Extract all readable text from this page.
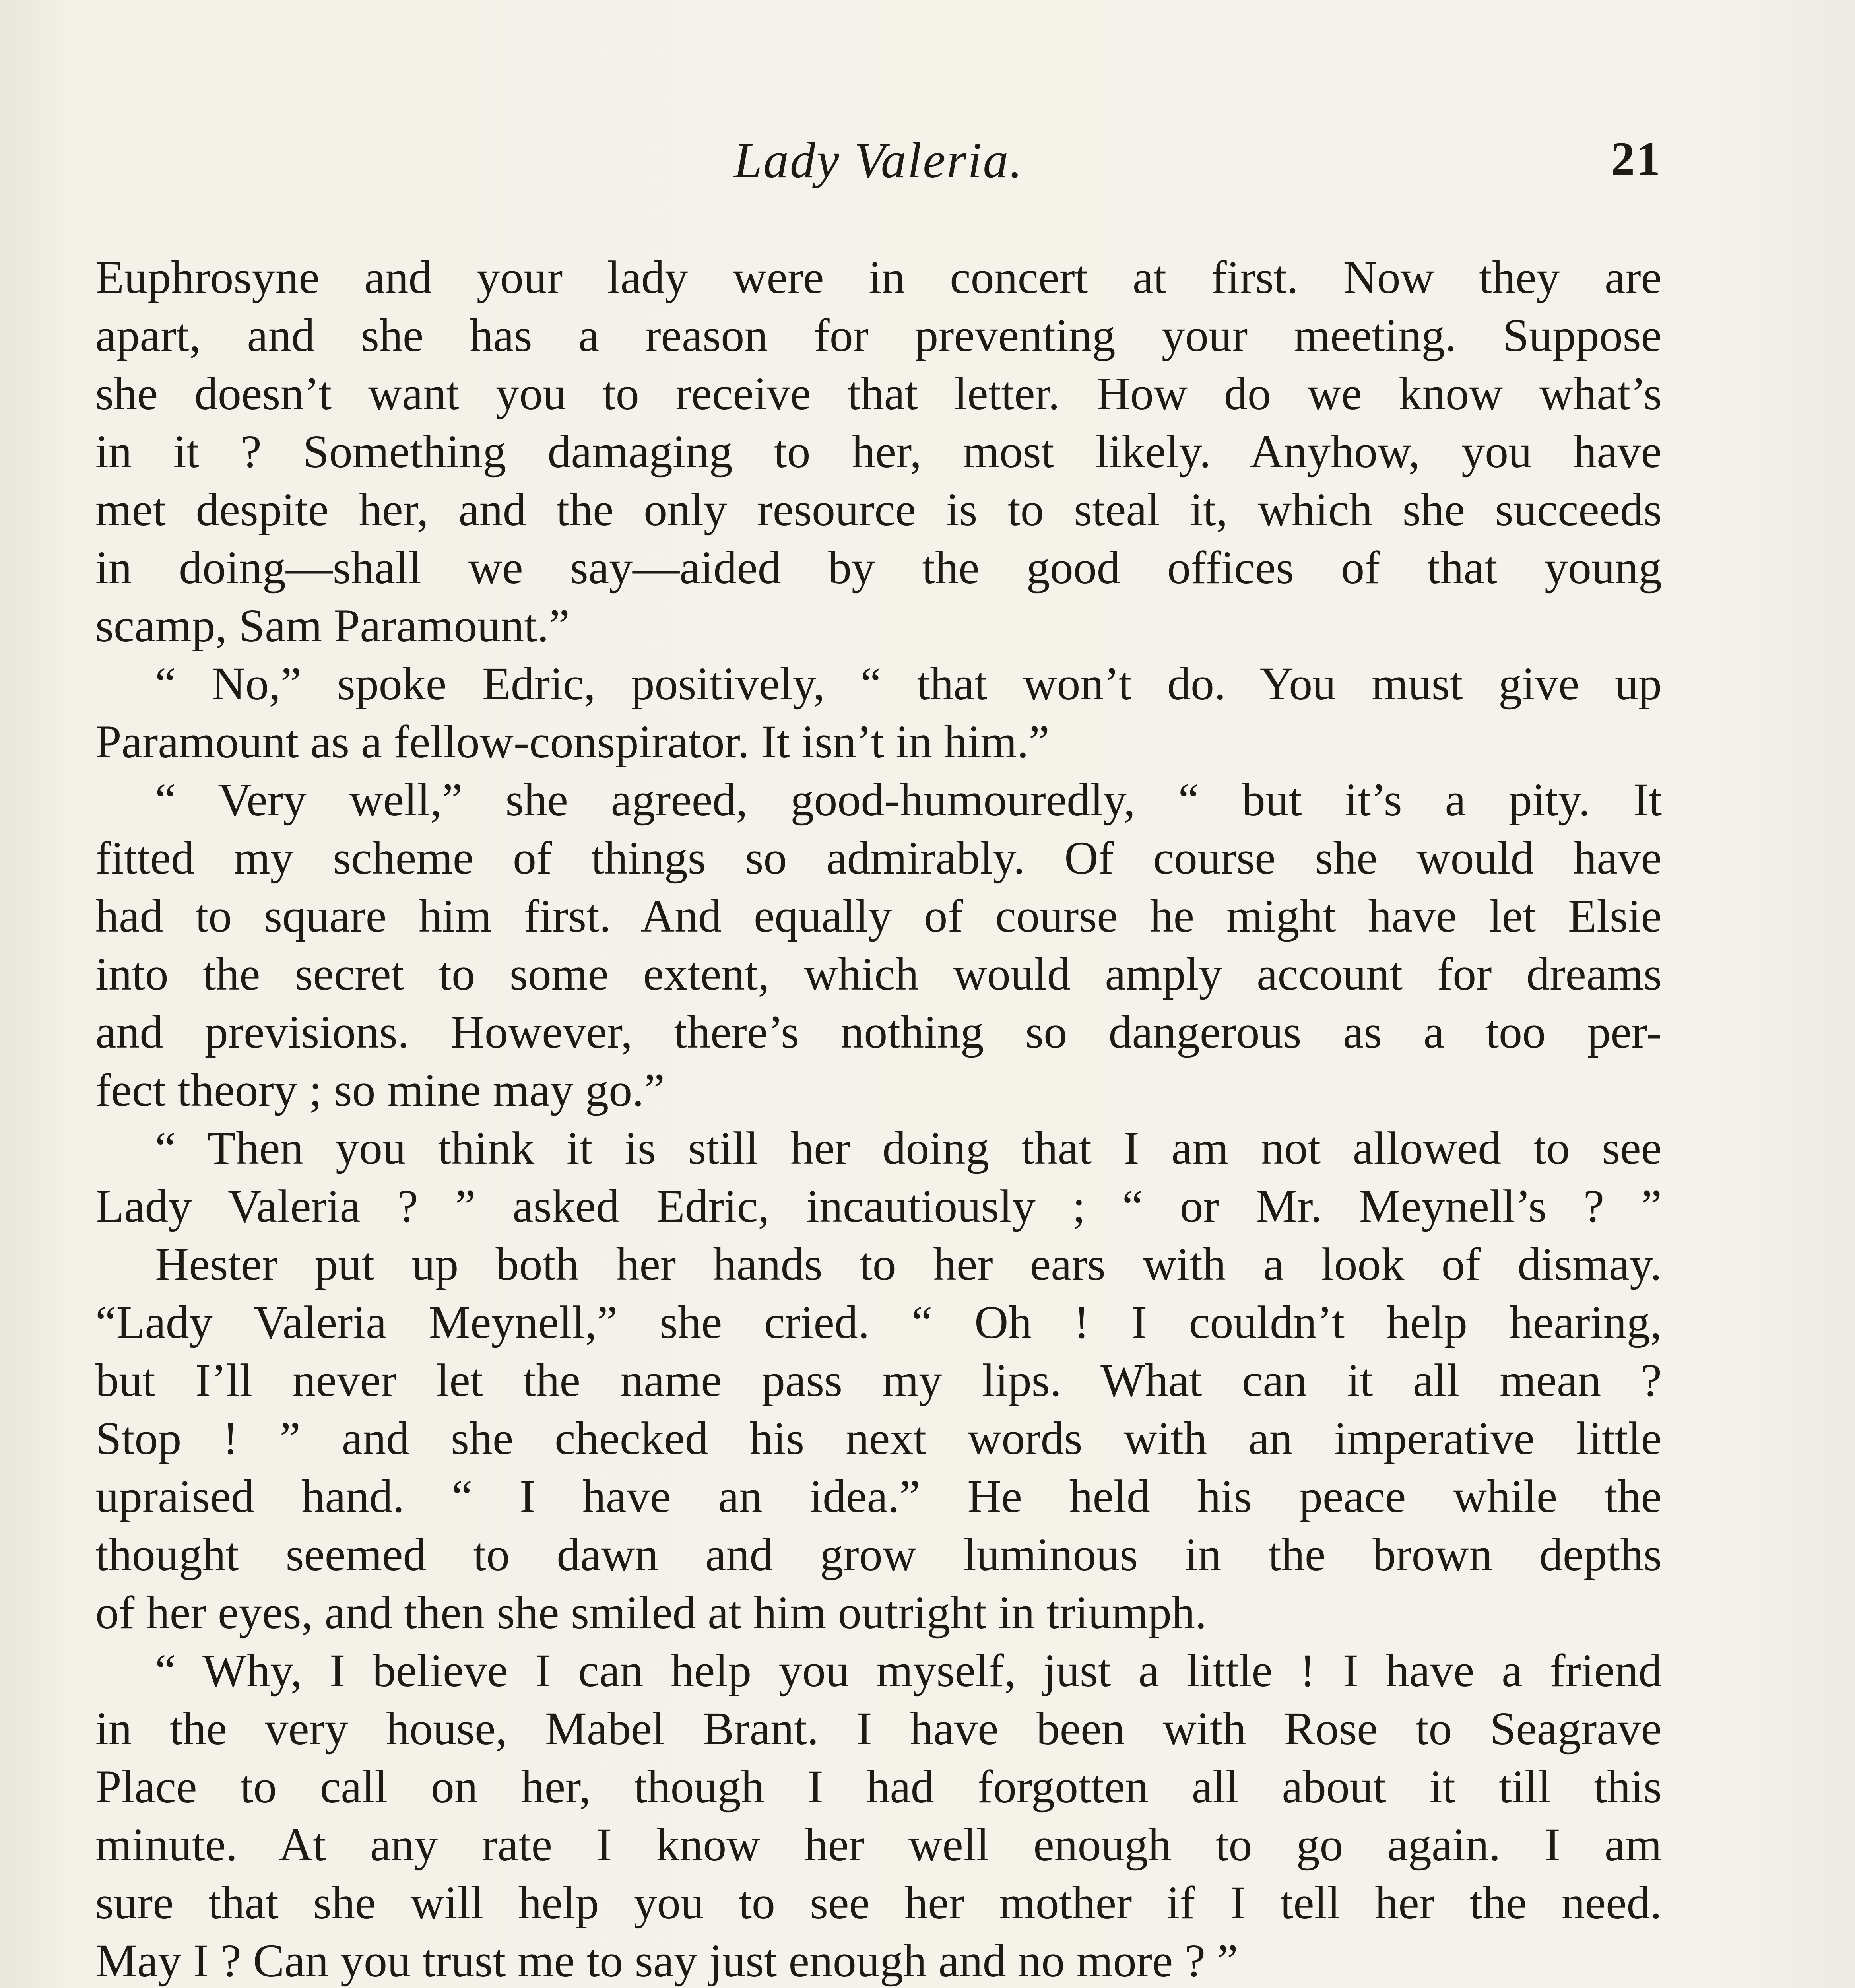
Lady Valeria.	21
Euphrosyne and your lady were in concert at first. Now they are
apart, and she has a reason for preventing your meeting. Suppose
she doesn’t want you to receive that letter. How do we know what’s
in it ? Something damaging to her, most likely. Anyhow, you have
met despite her, and the only resource is to steal it, which she succeeds
in doing—shall we say—aided by the good offices of that young
scamp, Sam Paramount.”
“ No,” spoke Edric, positively, “ that won’t do. You must give up
Paramount as a fellow-conspirator. It isn’t in him.”
“ Very well,” she agreed, good-humouredly, “ but it’s a pity. It
fitted my scheme of things so admirably. Of course she would have
had to square him first. And equally of course he might have let Elsie
into the secret to some extent, which would amply account for dreams
and previsions. However, there’s nothing so dangerous as a too per-
fect theory ; so mine may go.”
“ Then you think it is still her doing that I am not allowed to see
Lady Valeria ? ” asked Edric, incautiously ; “ or Mr. Meynell’s ? ”
Hester put up both her hands to her ears with a look of dismay.
“Lady Valeria Meynell,” she cried. “ Oh ! I couldn’t help hearing,
but I’ll never let the name pass my lips. What can it all mean ?
Stop ! ” and she checked his next words with an imperative little
upraised hand. “ I have an idea.” He held his peace while the
thought seemed to dawn and grow luminous in the brown depths
of her eyes, and then she smiled at him outright in triumph.
“ Why, I believe I can help you myself, just a little ! I have a friend
in the very house, Mabel Brant. I have been with Rose to Seagrave
Place to call on her, though I had forgotten all about it till this
minute. At any rate I know her well enough to go again. I am
sure that she will help you to see her mother if I tell her the need.
May I ? Can you trust me to say just enough and no more ? ”
